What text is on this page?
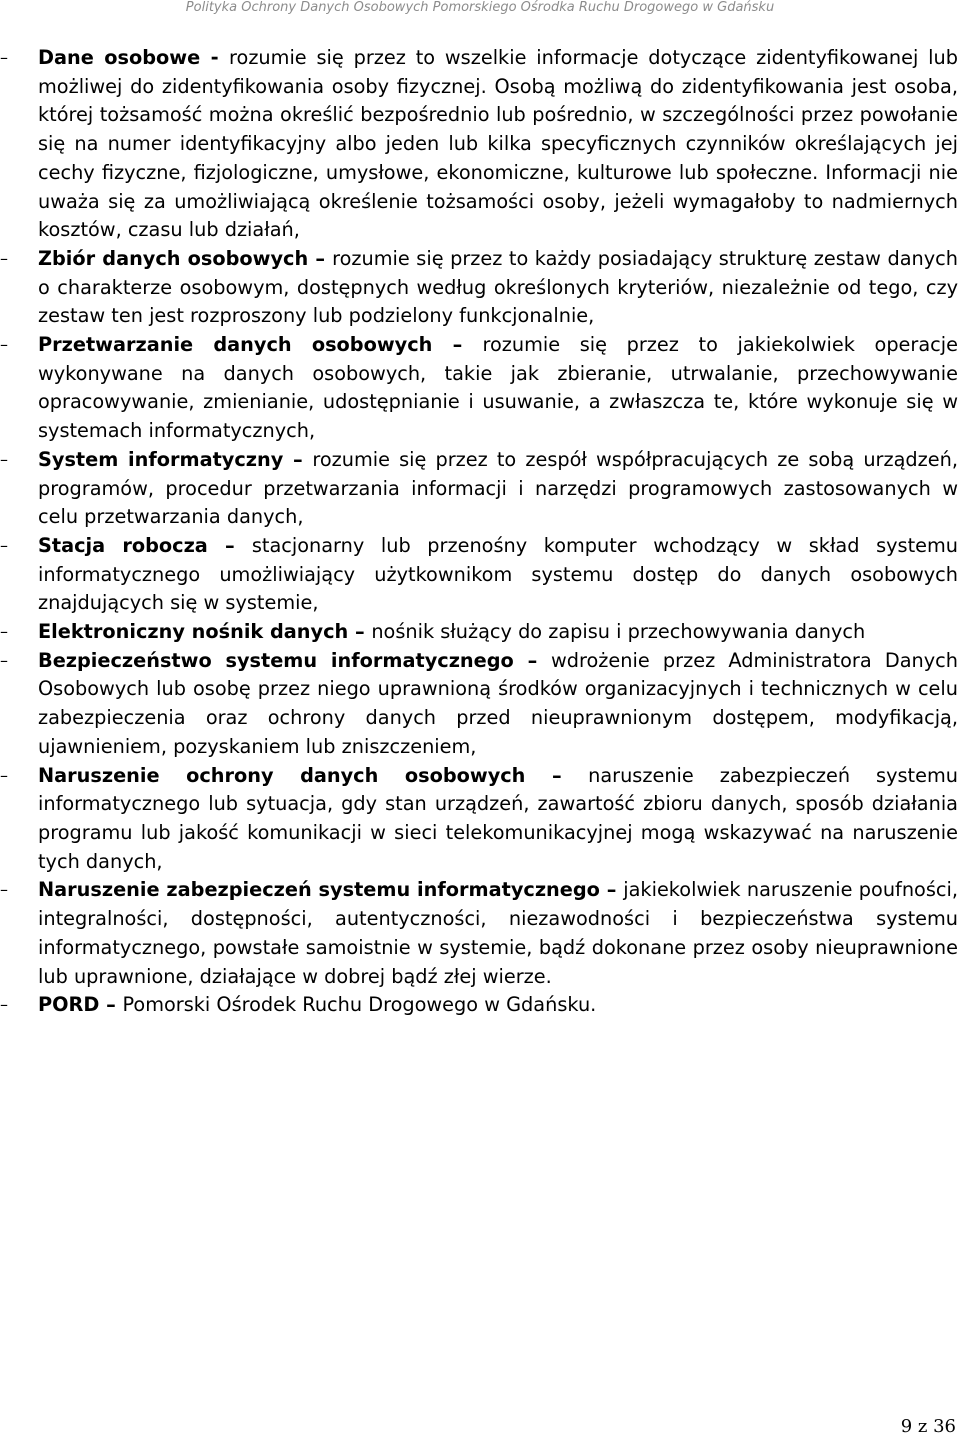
Polityka Ochrony Danych Osobowych Pomorskiego Ośrodka Ruchu Drogowego w Gdańsku

– Dane osobowe - rozumie się przez to wszelkie informacje dotyczące zidentyfikowanej lub możliwej do zidentyfikowania osoby fizycznej. Osobą możliwą do zidentyfikowania jest osoba, której tożsamość można określić bezpośrednio lub pośrednio, w szczególności przez powołanie się na numer identyfikacyjny albo jeden lub kilka specyficznych czynników określających jej cechy fizyczne, fizjologiczne, umysłowe, ekonomiczne, kulturowe lub społeczne. Informacji nie uważa się za umożliwiającą określenie tożsamości osoby, jeżeli wymagałoby to nadmiernych kosztów, czasu lub działań,

– Zbiór danych osobowych – rozumie się przez to każdy posiadający strukturę zestaw danych o charakterze osobowym, dostępnych według określonych kryteriów, niezależnie od tego, czy zestaw ten jest rozproszony lub podzielony funkcjonalnie,

– Przetwarzanie danych osobowych – rozumie się przez to jakiekolwiek operacje wykonywane na danych osobowych, takie jak zbieranie, utrwalanie, przechowywanie opracowywanie, zmienianie, udostępnianie i usuwanie, a zwłaszcza te, które wykonuje się w systemach informatycznych,

– System informatyczny – rozumie się przez to zespół współpracujących ze sobą urządzeń, programów, procedur przetwarzania informacji i narzędzi programowych zastosowanych w celu przetwarzania danych,

– Stacja robocza – stacjonarny lub przenośny komputer wchodzący w skład systemu informatycznego umożliwiający użytkownikom systemu dostęp do danych osobowych znajdujących się w systemie,

– Elektroniczny nośnik danych – nośnik służący do zapisu i przechowywania danych

– Bezpieczeństwo systemu informatycznego – wdrożenie przez Administratora Danych Osobowych lub osobę przez niego uprawnioną środków organizacyjnych i technicznych w celu zabezpieczenia oraz ochrony danych przed nieuprawnionym dostępem, modyfikacją, ujawnieniem, pozyskaniem lub zniszczeniem,

– Naruszenie ochrony danych osobowych – naruszenie zabezpieczeń systemu informatycznego lub sytuacja, gdy stan urządzeń, zawartość zbioru danych, sposób działania programu lub jakość komunikacji w sieci telekomunikacyjnej mogą wskazywać na naruszenie tych danych,

– Naruszenie zabezpieczeń systemu informatycznego – jakiekolwiek naruszenie poufności, integralności, dostępności, autentyczności, niezawodności i bezpieczeństwa systemu informatycznego, powstałe samoistnie w systemie, bądź dokonane przez osoby nieuprawnione lub uprawnione, działające w dobrej bądź złej wierze.

– PORD – Pomorski Ośrodek Ruchu Drogowego w Gdańsku.

9 z 36
